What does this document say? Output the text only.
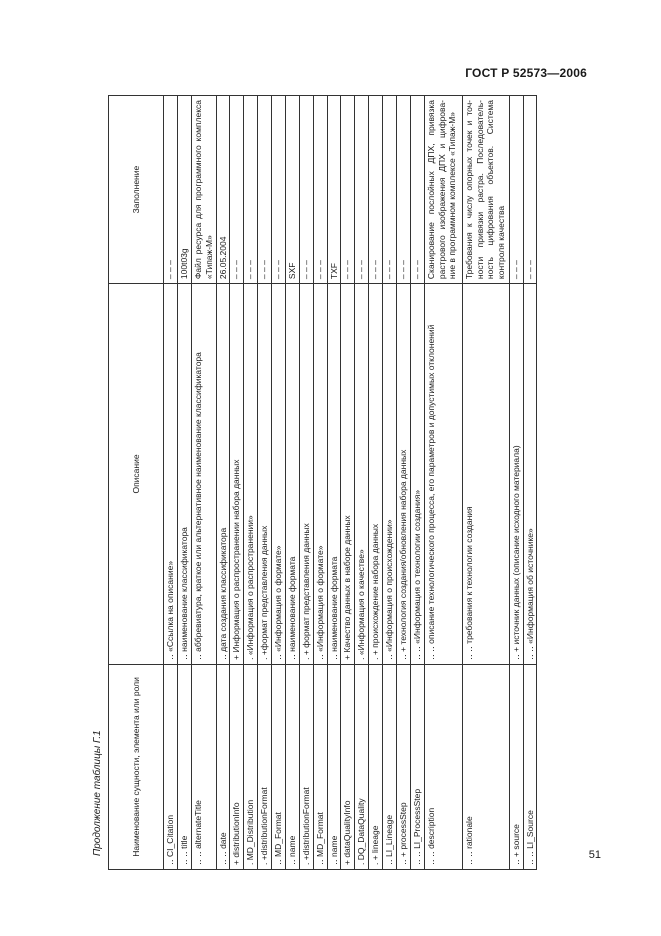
ГОСТ Р 52573—2006
Продолжение таблицы Г.1	Наименование сущности, элемента или роли	Описание	Заполнение
‥ CI_Citation	‥ «Ссылка на описание»	– – –
‥ ‥ title	‥ наименование классификатора	100t03g
‥ ‥ alternateTitle	‥ аббревиатура, краткое или альтернативное наименование классификатора	Файл ресурса для программного комплекса «Типаж-М»
‥ ‥ date	‥ дата создания классификатора	26.05.2004
+ distributionInfo	+ Информация о распространении набора данных	– – –
. MD_Distribution	. «Информация о распространении»	– – –
. +distributionFormat	. +формат представления данных	– – –
‥ MD_Format	‥ «Информация о формате»	– – –
‥ name	‥ наименование формата	SXF
. +distributionFormat	. + формат представления данных	– – –
‥ MD_Format	‥ «Информация о формате»	– – –
‥ name	‥ наименование формата	TXF
+ dataQualityInfo	+ Качество данных в наборе данных	– – –
. DQ_DataQuality	. «Информация о качестве»	– – –
. + lineage	. + происхождение набора данных	– – –
‥ LI_Lineage	‥ «Информация о происхождении»	– – –
‥ + processStep	‥ + технология создания/обновления набора данных	– – –
‥ ‥ LI_ProcessStep	‥ ‥ «Информация о технологии создания»	– – –
‥ ‥ description	‥ ‥ описание технологического процесса, его параметров и допустимых отклонений	Сканирование послойных ДПХ, привязка растрового изображения ДПХ и цифрова-ние в программном комплексе «Типаж-М»
‥ ‥ rationale	‥ ‥ требования к технологии создания	Требования к числу опорных точек и точ-ности привязки растра. Последователь-ность цифрования объектов. Система контроля качества
‥ + source	‥ + источник данных (описание исходного материала)	– – –
‥ ‥ LI_Source	‥ ‥ «Информация об источнике»	– – –
51
